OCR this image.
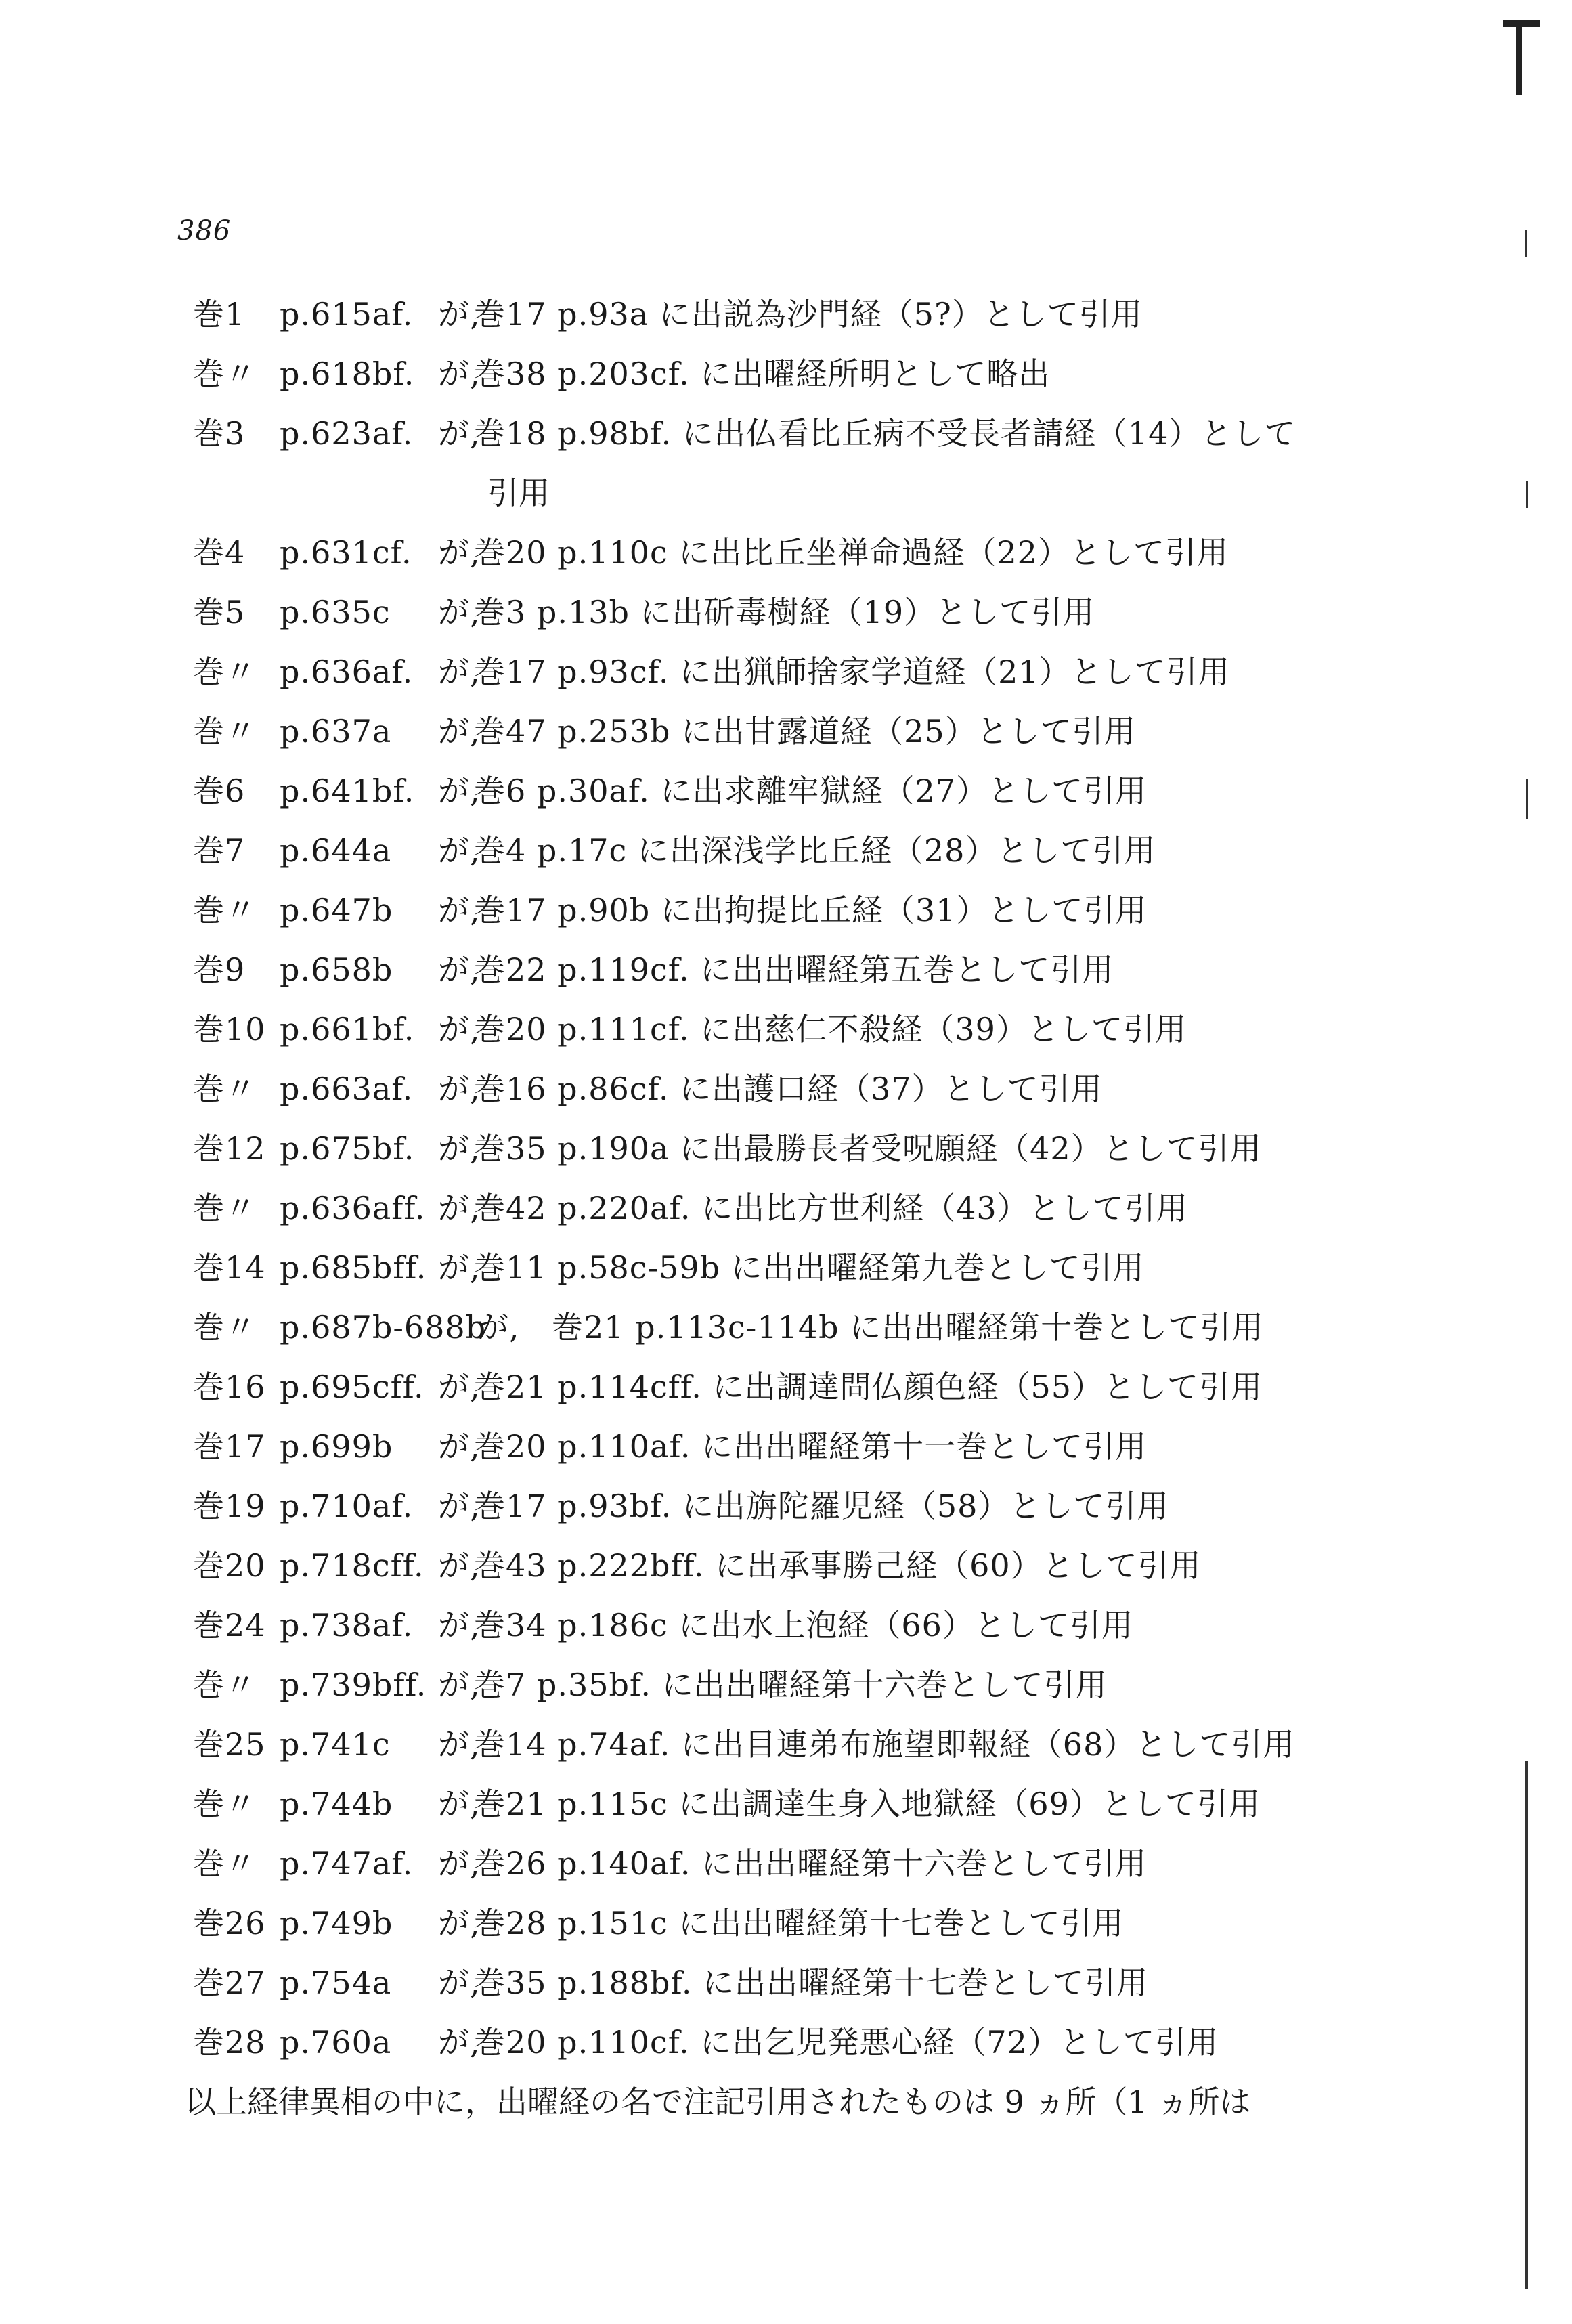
386
巻1 p.615af. が,
巻17 p.93a に出説為沙門経（5?）として引用
巻〃 p.618bf. が,
巻38 p.203cf. に出曜経所明として略出
巻3 p.623af. が,
巻18 p.98bf. に出仏看比丘病不受長者請経（14）として
引用
巻4 p.631cf. が,
巻20 p.110c に出比丘坐禅命過経（22）として引用
巻5 p.635c が,
巻3 p.13b に出斫毒樹経（19）として引用
巻〃 p.636af. が,
巻17 p.93cf. に出猟師捨家学道経（21）として引用
巻〃 p.637a が,
巻47 p.253b に出甘露道経（25）として引用
巻6 p.641bf. が,
巻6 p.30af. に出求離牢獄経（27）として引用
巻7 p.644a が,
巻4 p.17c に出深浅学比丘経（28）として引用
巻〃 p.647b が,
巻17 p.90b に出拘提比丘経（31）として引用
巻9 p.658b が,
巻22 p.119cf. に出出曜経第五巻として引用
巻10 p.661bf. が,
巻20 p.111cf. に出慈仁不殺経（39）として引用
巻〃 p.663af. が,
巻16 p.86cf. に出護口経（37）として引用
巻12 p.675bf. が,
巻35 p.190a に出最勝長者受呪願経（42）として引用
巻〃 p.636aff. が,
巻42 p.220af. に出比方世利経（43）として引用
巻14 p.685bff. が,
巻11 p.58c-59b に出出曜経第九巻として引用
巻〃 p.687b-688b
が, 巻21 p.113c-114b に出出曜経第十巻として引用
巻16 p.695cff. が,
巻21 p.114cff. に出調達問仏顔色経（55）として引用
巻17 p.699b が,
巻20 p.110af. に出出曜経第十一巻として引用
巻19 p.710af. が,
巻17 p.93bf. に出旃陀羅児経（58）として引用
巻20 p.718cff. が,
巻43 p.222bff. に出承事勝己経（60）として引用
巻24 p.738af. が,
巻34 p.186c に出水上泡経（66）として引用
巻〃 p.739bff. が,
巻7 p.35bf. に出出曜経第十六巻として引用
巻25 p.741c が,
巻14 p.74af. に出目連弟布施望即報経（68）として引用
巻〃 p.744b が,
巻21 p.115c に出調達生身入地獄経（69）として引用
巻〃 p.747af. が,
巻26 p.140af. に出出曜経第十六巻として引用
巻26 p.749b が,
巻28 p.151c に出出曜経第十七巻として引用
巻27 p.754a が,
巻35 p.188bf. に出出曜経第十七巻として引用
巻28 p.760a が,
巻20 p.110cf. に出乞児発悪心経（72）として引用
以上経律異相の中に，出曜経の名で注記引用されたものは 9 ヵ所（1 ヵ所は
